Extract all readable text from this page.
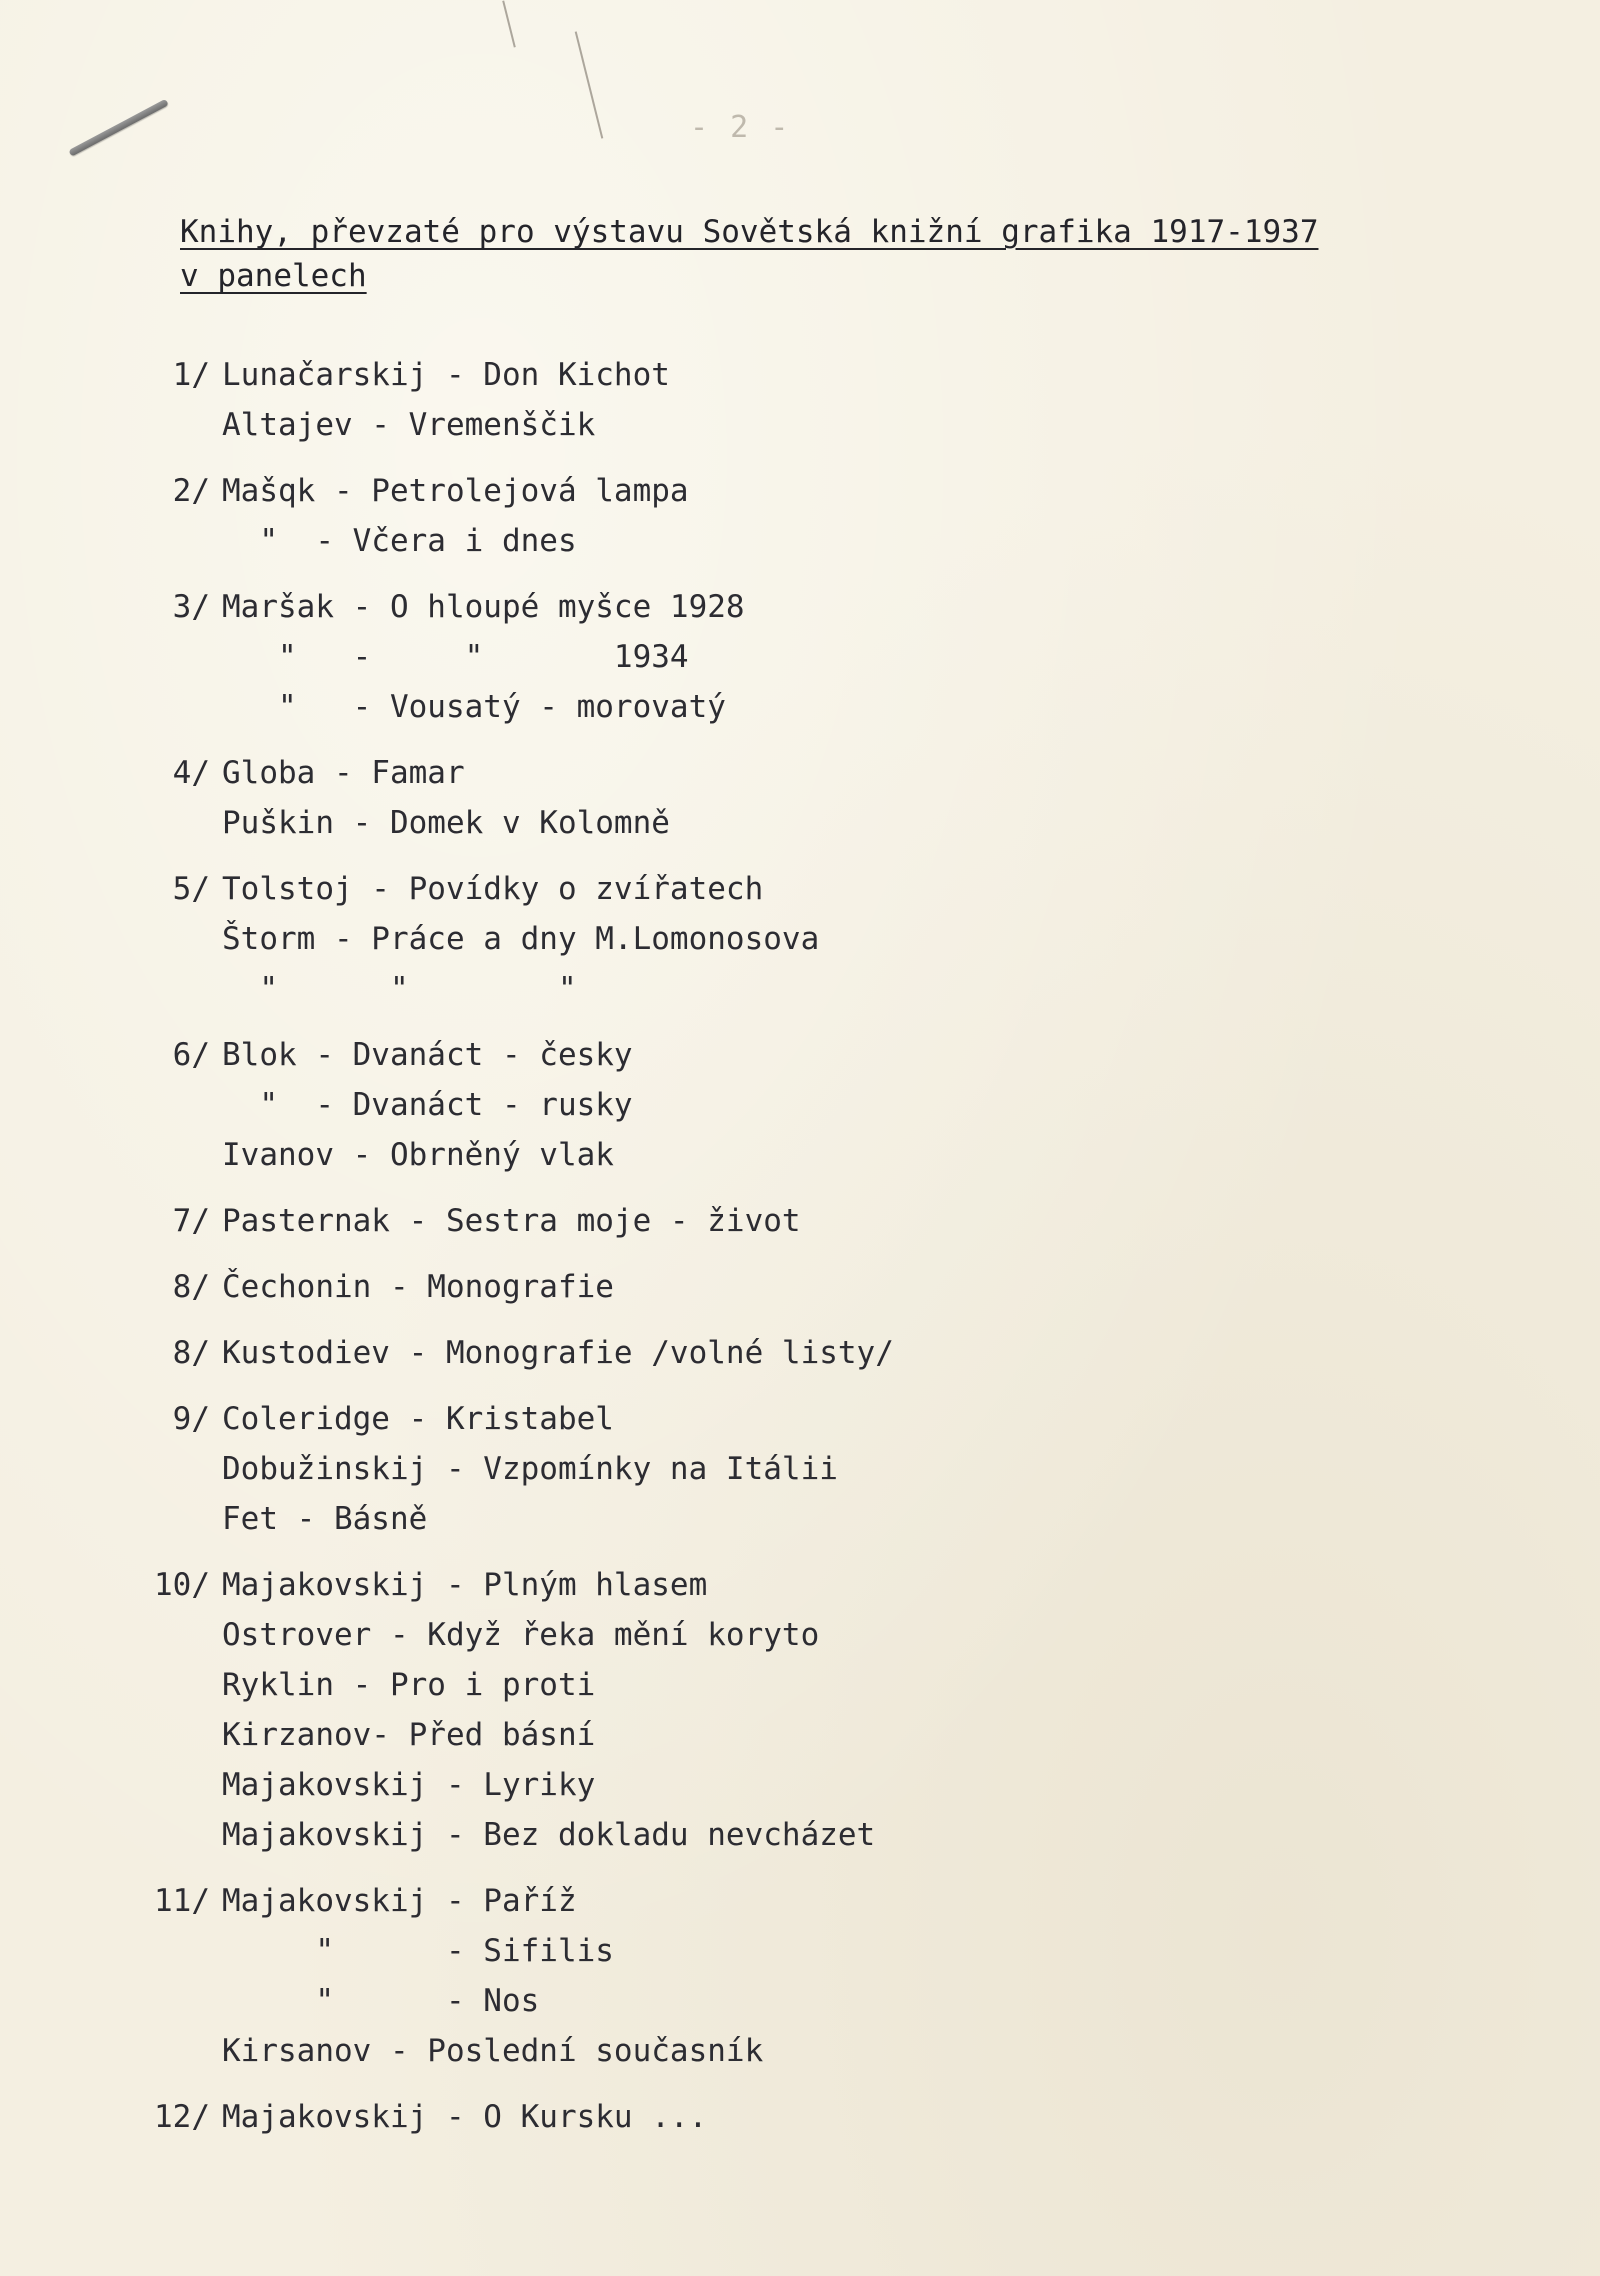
- 2 -
Knihy, převzaté pro výstavu Sovětská knižní grafika 1917-1937
v panelech
1/ Lunačarskij - Don Kichot
Altajev - Vremenščik
2/ Mašqk - Petrolejová lampa
"  - Včera i dnes
3/ Maršak - O hloupé myšce 1928
"   -     "       1934
"   - Vousatý - morovatý
4/ Globa - Famar
Puškin - Domek v Kolomně
5/ Tolstoj - Povídky o zvířatech
Štorm - Práce a dny M.Lomonosova
"      "        "
6/ Blok - Dvanáct - česky
"  - Dvanáct - rusky
Ivanov - Obrněný vlak
7/ Pasternak - Sestra moje - život
8/ Čechonin - Monografie
8/ Kustodiev - Monografie /volné listy/
9/ Coleridge - Kristabel
Dobužinskij - Vzpomínky na Itálii
Fet - Básně
10/ Majakovskij - Plným hlasem
Ostrover - Když řeka mění koryto
Ryklin - Pro i proti
Kirzanov- Před básní
Majakovskij - Lyriky
Majakovskij - Bez dokladu nevcházet
11/ Majakovskij - Paříž
"      - Sifilis
"      - Nos
Kirsanov - Poslední současník
12/ Majakovskij - O Kursku ...
